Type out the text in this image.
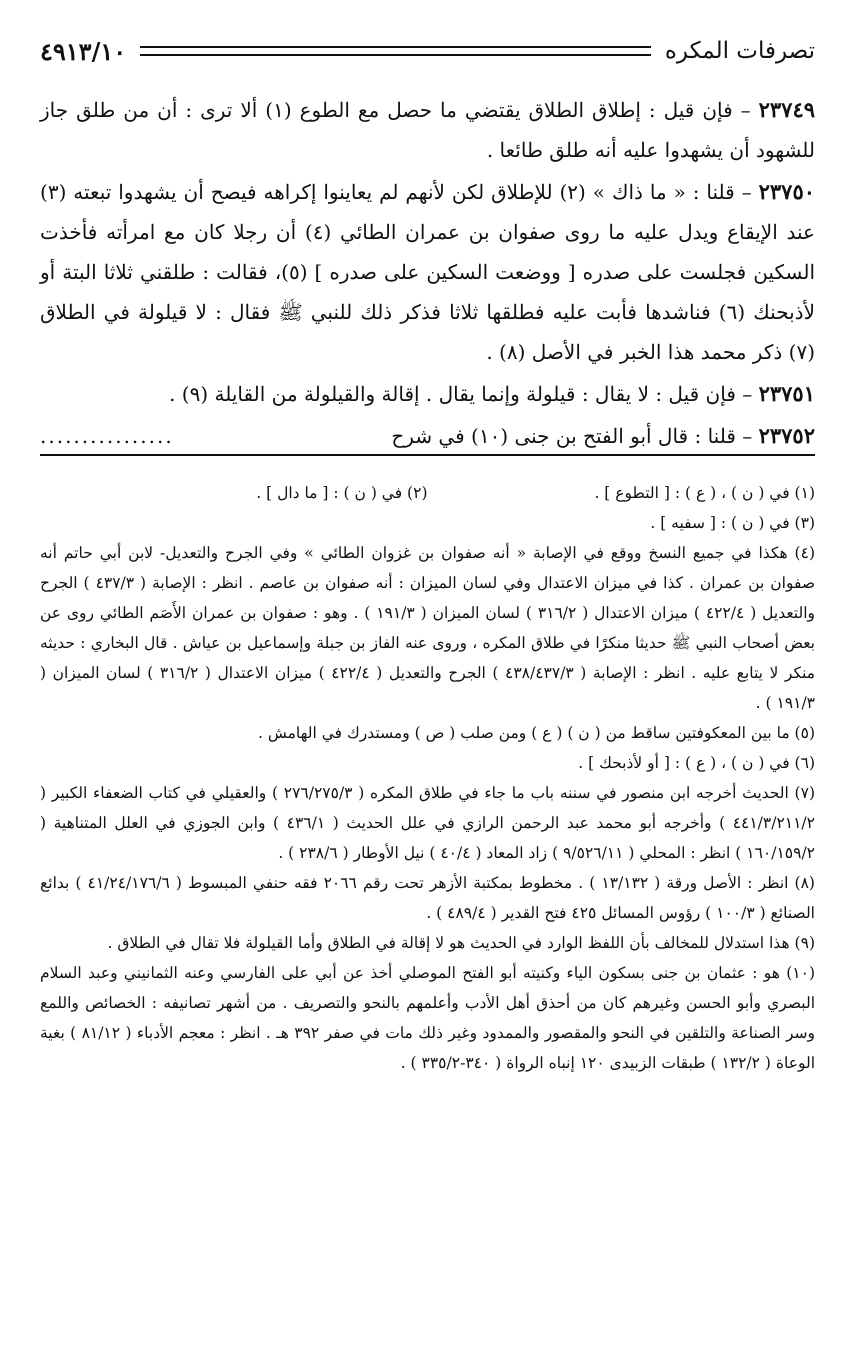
تصرفات المكره
٤٩١٣/١٠

٢٣٧٤٩ – فإن قيل : إطلاق الطلاق يقتضي ما حصل مع الطوع (١) ألا ترى : أن من طلق جاز للشهود أن يشهدوا عليه أنه طلق طائعا .

٢٣٧٥٠ – قلنا : « ما ذاك » (٢) للإطلاق لكن لأنهم لم يعاينوا إكراهه فيصح أن يشهدوا تبعته (٣) عند الإيقاع ويدل عليه ما روى صفوان بن عمران الطائي (٤) أن رجلا كان مع امرأته فأخذت السكين فجلست على صدره [ ووضعت السكين على صدره ] (٥)، فقالت : طلقني ثلاثا البتة أو لأذبحنك (٦) فناشدها فأبت عليه فطلقها ثلاثا فذكر ذلك للنبي ﷺ فقال : لا قيلولة في الطلاق (٧) ذكر محمد هذا الخبر في الأصل (٨) .

٢٣٧٥١ – فإن قيل : لا يقال : قيلولة وإنما يقال . إقالة والقيلولة من القايلة (٩) .

٢٣٧٥٢ – قلنا : قال أبو الفتح بن جنى (١٠) في شرح
................
(١) في ( ن ) ، ( ع ) : [ التطوع ] .
(٢) في ( ن ) : [ ما دال ] .

(٣) في ( ن ) : [ سفيه ] .

(٤) هكذا في جميع النسخ ووقع في الإصابة « أنه صفوان بن غزوان الطائي » وفي الجرح والتعديل- لابن أبي حاتم أنه صفوان بن عمران . كذا في ميزان الاعتدال وفي لسان الميزان : أنه صفوان بن عاصم . انظر : الإصابة ( ٤٣٧/٣ ) الجرح والتعديل ( ٤٢٢/٤ ) ميزان الاعتدال ( ٣١٦/٢ ) لسان الميزان ( ١٩١/٣ ) . وهو : صفوان بن عمران الأَصَم الطائي روى عن بعض أصحاب النبي ﷺ حديثا منكرًا في طلاق المكره ، وروى عنه الفاز بن جبلة وإسماعيل بن عياش . قال البخاري : حديثه منكر لا يتابع عليه . انظر : الإصابة ( ٤٣٨/٤٣٧/٣ ) الجرح والتعديل ( ٤٢٢/٤ ) ميزان الاعتدال ( ٣١٦/٢ ) لسان الميزان ( ١٩١/٣ ) .

(٥) ما بين المعكوفتين ساقط من ( ن ) ( ع ) ومن صلب ( ص ) ومستدرك في الهامش .

(٦) في ( ن ) ، ( ع ) : [ أو لأذبحك ] .

(٧) الحديث أخرجه ابن منصور في سننه باب ما جاء في طلاق المكره ( ٢٧٦/٢٧٥/٣ ) والعقيلي في كتاب الضعفاء الكبير ( ٤٤١/٣/٢١١/٢ ) وأخرجه أبو محمد عبد الرحمن الرازي في علل الحديث ( ٤٣٦/١ ) وابن الجوزي في العلل المتناهية ( ١٦٠/١٥٩/٢ ) انظر : المحلي ( ٩/٥٢٦/١١ ) زاد المعاد ( ٤٠/٤ ) نيل الأوطار ( ٢٣٨/٦ ) .

(٨) انظر : الأصل ورقة ( ١٣/١٣٢ ) . مخطوط بمكتبة الأزهر تحت رقم ٢٠٦٦ فقه حنفي المبسوط ( ٤١/٢٤/١٧٦/٦ ) بدائع الصنائع ( ١٠٠/٣ ) رؤوس المسائل ٤٢٥ فتح القدير ( ٤٨٩/٤ ) .

(٩) هذا استدلال للمخالف بأن اللفظ الوارد في الحديث هو لا إقالة في الطلاق وأما القيلولة فلا تقال في الطلاق .

(١٠) هو : عثمان بن جنى بسكون الياء وكنيته أبو الفتح الموصلي أخذ عن أبي على الفارسي وعنه الثمانيني وعبد السلام البصري وأبو الحسن وغيرهم كان من أحذق أهل الأدب وأعلمهم بالنحو والتصريف . من أشهر تصانيفه : الخصائص واللمع وسر الصناعة والتلقين في النحو والمقصور والممدود وغير ذلك مات في صفر ٣٩٢ هـ . انظر : معجم الأدباء ( ٨١/١٢ ) بغية الوعاة ( ١٣٢/٢ ) طبقات الزبيدى ١٢٠ إنباه الرواة ( ٣٤٠-٣٣٥/٢ ) .
